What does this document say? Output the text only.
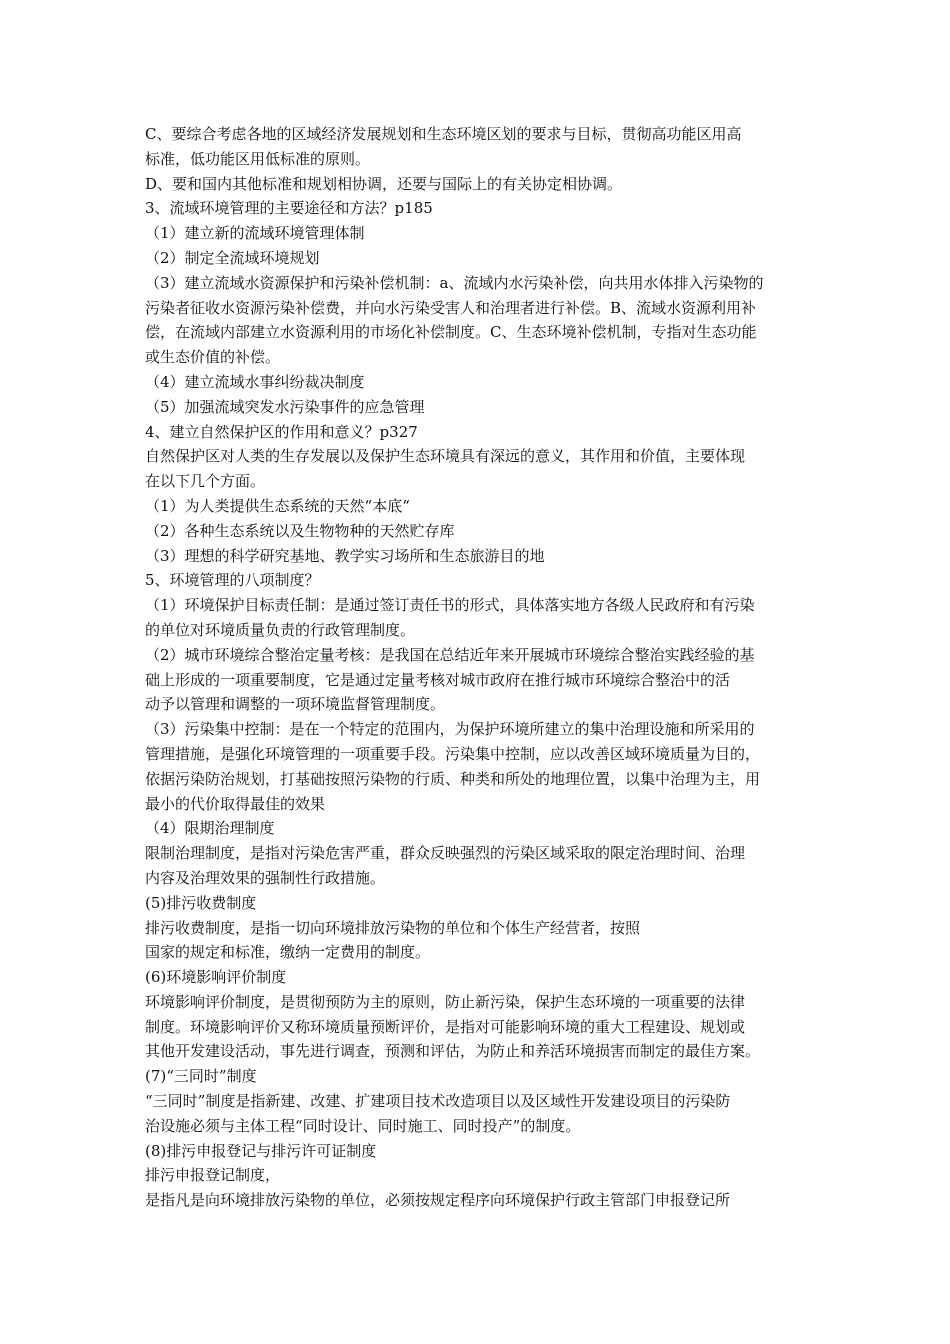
C、要综合考虑各地的区域经济发展规划和生态环境区划的要求与目标，贯彻高功能区用高
标准，低功能区用低标准的原则。
D、要和国内其他标准和规划相协调，还要与国际上的有关协定相协调。
3、流域环境管理的主要途径和方法？p185
（1）建立新的流域环境管理体制
（2）制定全流域环境规划
（3）建立流域水资源保护和污染补偿机制：a、流域内水污染补偿，向共用水体排入污染物的
污染者征收水资源污染补偿费，并向水污染受害人和治理者进行补偿。B、流域水资源利用补
偿，在流域内部建立水资源利用的市场化补偿制度。C、生态环境补偿机制，专指对生态功能
或生态价值的补偿。
（4）建立流域水事纠纷裁决制度
（5）加强流域突发水污染事件的应急管理
4、建立自然保护区的作用和意义？p327
自然保护区对人类的生存发展以及保护生态环境具有深远的意义，其作用和价值，主要体现
在以下几个方面。
（1）为人类提供生态系统的天然“本底“
（2）各种生态系统以及生物物种的天然贮存库
（3）理想的科学研究基地、教学实习场所和生态旅游目的地
5、环境管理的八项制度？
（1）环境保护目标责任制：是通过签订责任书的形式，具体落实地方各级人民政府和有污染
的单位对环境质量负责的行政管理制度。
（2）城市环境综合整治定量考核：是我国在总结近年来开展城市环境综合整治实践经验的基
础上形成的一项重要制度，它是通过定量考核对城市政府在推行城市环境综合整治中的活
动予以管理和调整的一项环境监督管理制度。
（3）污染集中控制：是在一个特定的范围内，为保护环境所建立的集中治理设施和所采用的
管理措施，是强化环境管理的一项重要手段。污染集中控制，应以改善区域环境质量为目的，
依据污染防治规划，打基础按照污染物的行质、种类和所处的地理位置，以集中治理为主，用
最小的代价取得最佳的效果
（4）限期治理制度
限制治理制度，是指对污染危害严重，群众反映强烈的污染区域采取的限定治理时间、治理
内容及治理效果的强制性行政措施。
(5)排污收费制度
排污收费制度，是指一切向环境排放污染物的单位和个体生产经营者，按照
国家的规定和标准，缴纳一定费用的制度。
(6)环境影响评价制度
环境影响评价制度，是贯彻预防为主的原则，防止新污染，保护生态环境的一项重要的法律
制度。环境影响评价又称环境质量预断评价，是指对可能影响环境的重大工程建设、规划或
其他开发建设活动，事先进行调查，预测和评估，为防止和养活环境损害而制定的最佳方案。
(7)“三同时”制度
“三同时”制度是指新建、改建、扩建项目技术改造项目以及区域性开发建设项目的污染防
治设施必须与主体工程“同时设计、同时施工、同时投产”的制度。
(8)排污申报登记与排污许可证制度
排污申报登记制度，
是指凡是向环境排放污染物的单位，必须按规定程序向环境保护行政主管部门申报登记所
